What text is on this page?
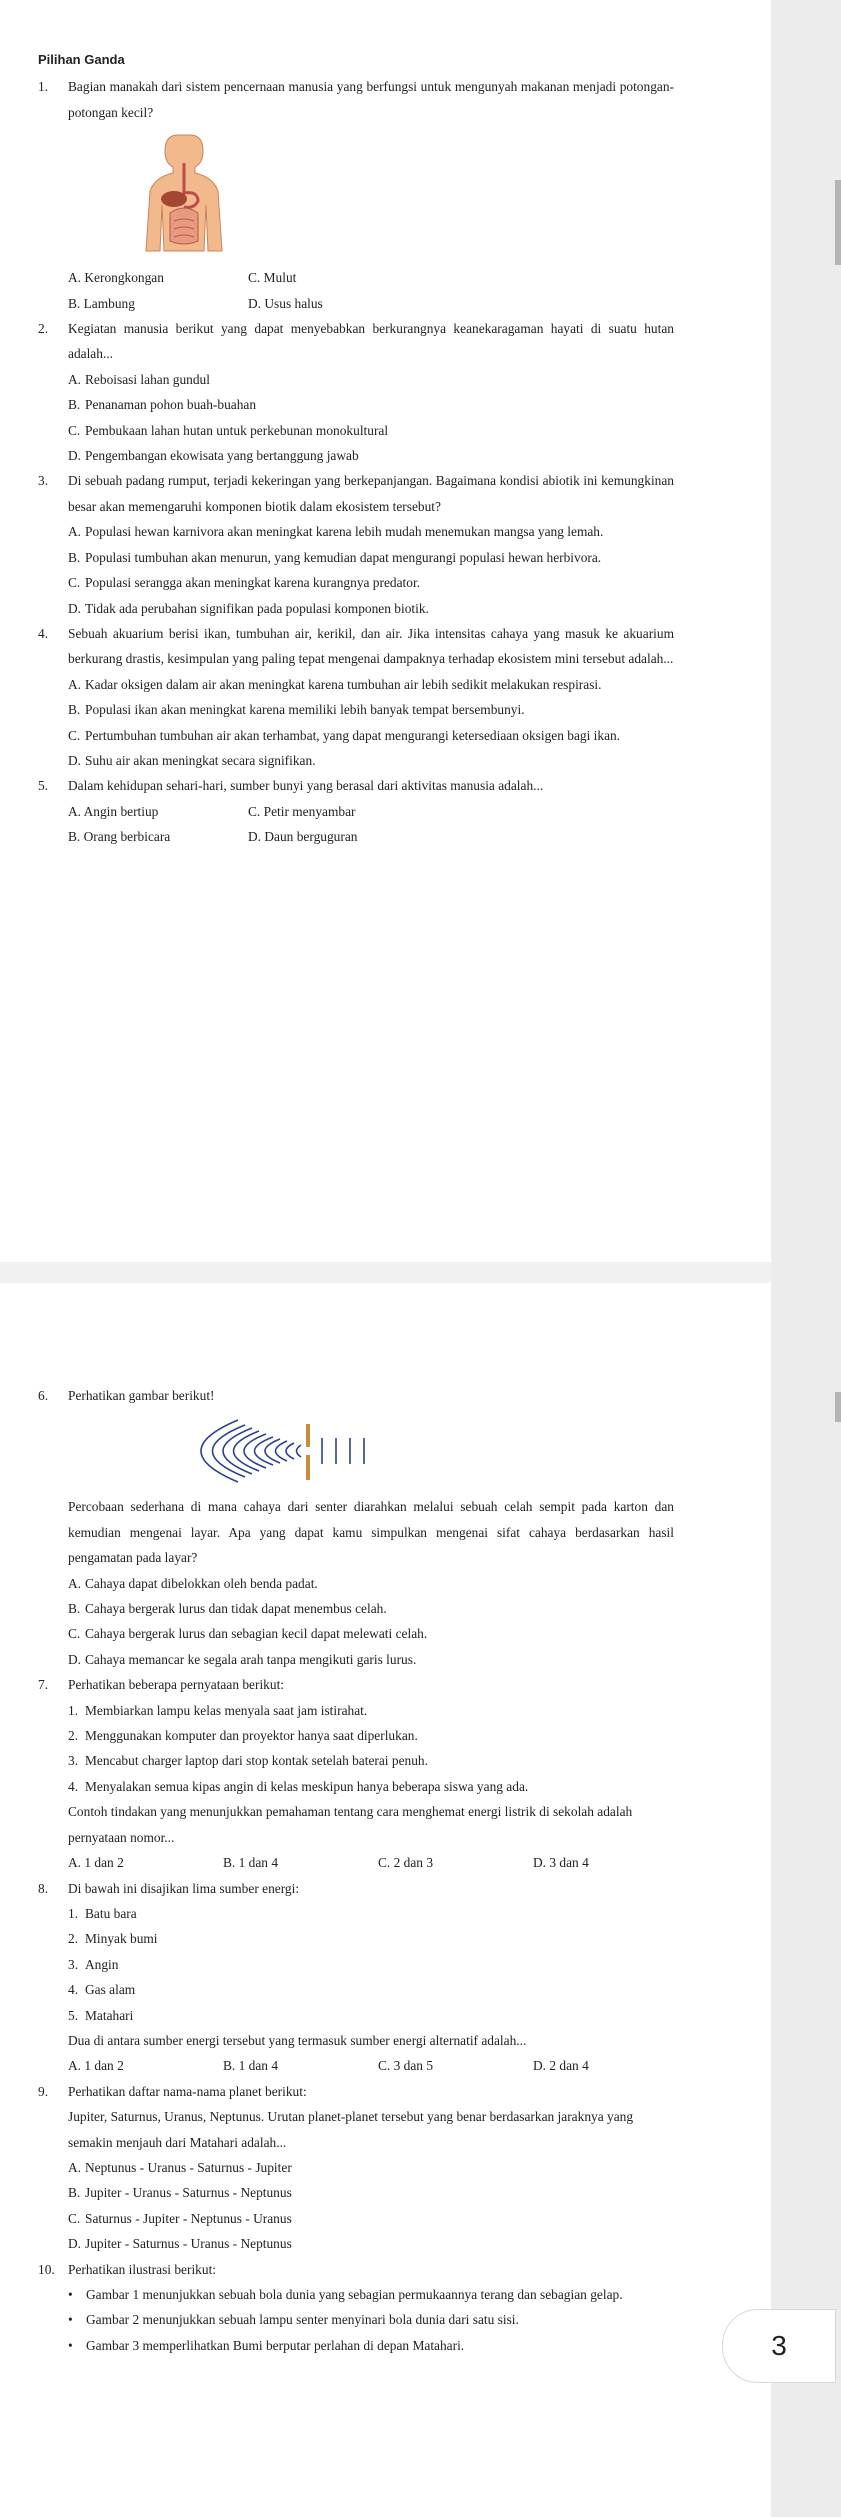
Pilihan Ganda
1.	Bagian manakah dari sistem pencernaan manusia yang berfungsi untuk mengunyah makanan menjadi potongan-potongan kecil?
A. Kerongkongan	C. Mulut
B. Lambung	D. Usus halus
2.	Kegiatan manusia berikut yang dapat menyebabkan berkurangnya keanekaragaman hayati di suatu hutan adalah...
A. Reboisasi lahan gundul
B. Penanaman pohon buah-buahan
C. Pembukaan lahan hutan untuk perkebunan monokultural
D. Pengembangan ekowisata yang bertanggung jawab
3.	Di sebuah padang rumput, terjadi kekeringan yang berkepanjangan. Bagaimana kondisi abiotik ini kemungkinan besar akan memengaruhi komponen biotik dalam ekosistem tersebut?
A. Populasi hewan karnivora akan meningkat karena lebih mudah menemukan mangsa yang lemah.
B. Populasi tumbuhan akan menurun, yang kemudian dapat mengurangi populasi hewan herbivora.
C. Populasi serangga akan meningkat karena kurangnya predator.
D. Tidak ada perubahan signifikan pada populasi komponen biotik.
4.	Sebuah akuarium berisi ikan, tumbuhan air, kerikil, dan air. Jika intensitas cahaya yang masuk ke akuarium berkurang drastis, kesimpulan yang paling tepat mengenai dampaknya terhadap ekosistem mini tersebut adalah...
A. Kadar oksigen dalam air akan meningkat karena tumbuhan air lebih sedikit melakukan respirasi.
B. Populasi ikan akan meningkat karena memiliki lebih banyak tempat bersembunyi.
C. Pertumbuhan tumbuhan air akan terhambat, yang dapat mengurangi ketersediaan oksigen bagi ikan.
D. Suhu air akan meningkat secara signifikan.
5.	Dalam kehidupan sehari-hari, sumber bunyi yang berasal dari aktivitas manusia adalah...
A. Angin bertiup	C. Petir menyambar
B. Orang berbicara	D. Daun berguguran
6.	Perhatikan gambar berikut!
Percobaan sederhana di mana cahaya dari senter diarahkan melalui sebuah celah sempit pada karton dan kemudian mengenai layar. Apa yang dapat kamu simpulkan mengenai sifat cahaya berdasarkan hasil pengamatan pada layar?
A. Cahaya dapat dibelokkan oleh benda padat.
B. Cahaya bergerak lurus dan tidak dapat menembus celah.
C. Cahaya bergerak lurus dan sebagian kecil dapat melewati celah.
D. Cahaya memancar ke segala arah tanpa mengikuti garis lurus.
7.	Perhatikan beberapa pernyataan berikut:
1. Membiarkan lampu kelas menyala saat jam istirahat.
2. Menggunakan komputer dan proyektor hanya saat diperlukan.
3. Mencabut charger laptop dari stop kontak setelah baterai penuh.
4. Menyalakan semua kipas angin di kelas meskipun hanya beberapa siswa yang ada.
Contoh tindakan yang menunjukkan pemahaman tentang cara menghemat energi listrik di sekolah adalah pernyataan nomor...
A. 1 dan 2	B. 1 dan 4	C. 2 dan 3	D. 3 dan 4
8.	Di bawah ini disajikan lima sumber energi:
1. Batu bara
2. Minyak bumi
3. Angin
4. Gas alam
5. Matahari
Dua di antara sumber energi tersebut yang termasuk sumber energi alternatif adalah...
A. 1 dan 2	B. 1 dan 4	C. 3 dan 5	D. 2 dan 4
9.	Perhatikan daftar nama-nama planet berikut:
Jupiter, Saturnus, Uranus, Neptunus. Urutan planet-planet tersebut yang benar berdasarkan jaraknya yang semakin menjauh dari Matahari adalah...
A. Neptunus - Uranus - Saturnus - Jupiter
B. Jupiter - Uranus - Saturnus - Neptunus
C. Saturnus - Jupiter - Neptunus - Uranus
D. Jupiter - Saturnus - Uranus - Neptunus
10. Perhatikan ilustrasi berikut:
• Gambar 1 menunjukkan sebuah bola dunia yang sebagian permukaannya terang dan sebagian gelap.
• Gambar 2 menunjukkan sebuah lampu senter menyinari bola dunia dari satu sisi.
• Gambar 3 memperlihatkan Bumi berputar perlahan di depan Matahari.	3
